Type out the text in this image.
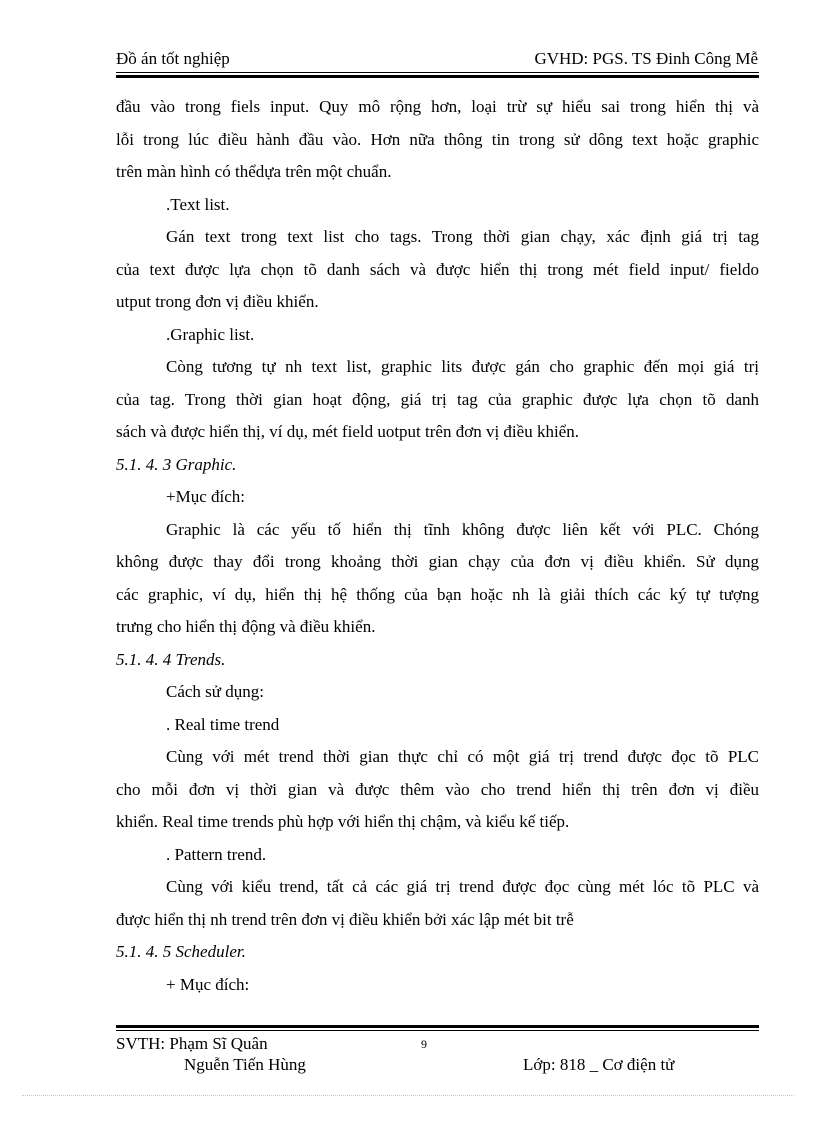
Đồ án tốt nghiệp	GVHD: PGS. TS Đinh Công Mễ
đầu vào trong fiels input. Quy mô rộng hơn, loại trừ sự hiểu sai trong hiển thị và
lỗi trong lúc điều hành đầu vào. Hơn nữa thông tin trong sử dông text hoặc graphic
trên màn hình có thểdựa trên một chuẩn.
.Text list.
Gán text trong text list cho tags. Trong thời gian chạy, xác định giá trị tag
của text được lựa chọn tõ danh sách và được hiển thị trong mét field input/ fieldo
utput trong đơn vị điều khiển.
.Graphic list.
Còng tương tự nh text list, graphic lits được gán cho graphic đến mọi giá trị
của tag. Trong thời gian hoạt động, giá trị tag của graphic được lựa chọn tõ danh
sách và được hiển thị, ví dụ, mét field uotput trên đơn vị điều khiển.
5.1. 4. 3 Graphic.
+Mục đích:
Graphic là các yếu tố hiển thị tĩnh không được liên kết với PLC. Chóng
không được thay đổi trong khoảng thời gian chạy của đơn vị điều khiển. Sử dụng
các graphic, ví dụ, hiển thị hệ thống của bạn hoặc nh là giải thích các ký tự tượng
trưng cho hiển thị động và điều khiển.
5.1. 4. 4 Trends.
Cách sử dụng:
. Real time trend
Cùng với mét trend thời gian thực chỉ có một giá trị trend được đọc tõ PLC
cho mỗi đơn vị thời gian và được thêm vào cho trend hiển thị trên đơn vị điều
khiển. Real time trends phù hợp với hiển thị chậm, và kiểu kế tiếp.
. Pattern trend.
Cùng với kiểu trend, tất cả các giá trị trend được đọc cùng mét lóc tõ PLC và
được hiển thị nh trend trên đơn vị điều khiển bởi xác lập mét bit trễ
5.1. 4. 5 Scheduler.
+ Mục đích:
SVTH: Phạm Sĩ Quân	9
Nguễn Tiến Hùng	Lớp: 818 _ Cơ điện tử
